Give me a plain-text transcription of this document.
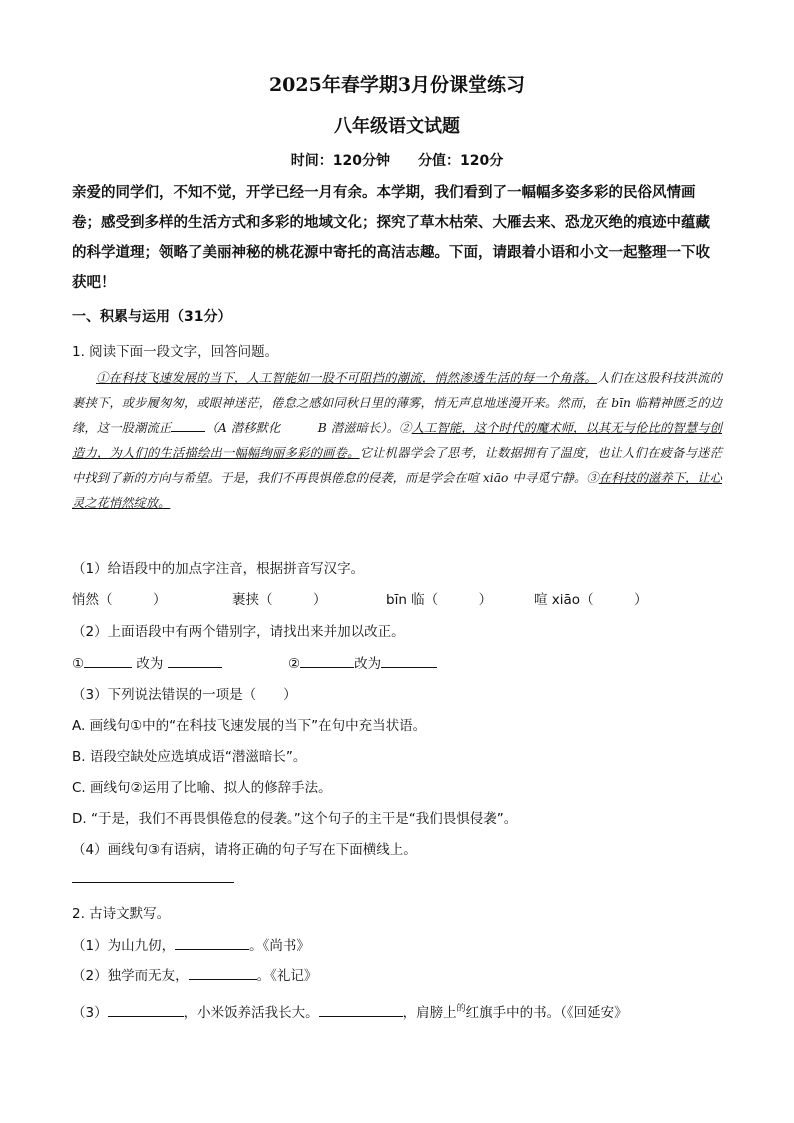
2025年春学期3月份课堂练习
八年级语文试题
时间：120分钟　　分值：120分
亲爱的同学们，不知不觉，开学已经一月有余。本学期，我们看到了一幅幅多姿多彩的民俗风情画卷；感受到多样的生活方式和多彩的地域文化；探究了草木枯荣、大雁去来、恐龙灭绝的痕迹中蕴藏的科学道理；领略了美丽神秘的桃花源中寄托的高洁志趣。下面，请跟着小语和小文一起整理一下收获吧！
一、积累与运用（31分）
1. 阅读下面一段文字，回答问题。
①在科技飞速发展的当下，人工智能如一股不可阻挡的潮流，悄然渗透生活的每一个角落。人们在这股科技洪流的裹挟下，或步履匆匆，或眼神迷茫，倦怠之感如同秋日里的薄雾，悄无声息地迷漫开来。然而，在 bīn 临精神匮乏的边缘，这一股潮流正	（A 潜移默化　　　B 潜滋暗长）。②人工智能，这个时代的魔术师，以其无与伦比的智慧与创造力，为人们的生活描绘出一幅幅绚丽多彩的画卷。它让机器学会了思考，让数据拥有了温度，也让人们在疲备与迷茫中找到了新的方向与希望。于是，我们不再畏惧倦怠的侵袭，而是学会在喧 xiāo 中寻觅宁静。③在科技的滋养下，让心灵之花悄然绽放。
（1）给语段中的加点字注音，根据拼音写汉字。
悄然（　　　）	裹挟（　　　）	bīn 临（　　　）	喧 xiāo（　　　）
（2）上面语段中有两个错别字，请找出来并加以改正。
①	改为	②	改为
（3）下列说法错误的一项是（　　）
A. 画线句①中的“在科技飞速发展的当下”在句中充当状语。
B. 语段空缺处应选填成语“潜滋暗长”。
C. 画线句②运用了比喻、拟人的修辞手法。
D. “于是，我们不再畏惧倦怠的侵袭。”这个句子的主干是“我们畏惧侵袭”。
（4）画线句③有语病，请将正确的句子写在下面横线上。
2. 古诗文默写。
（1）为山九仞，	。《尚书》
（2）独学而无友，	。《礼记》
（3）	，小米饭养活我长大。	，肩膀上$^的$红旗手中的书。（《回延安》
